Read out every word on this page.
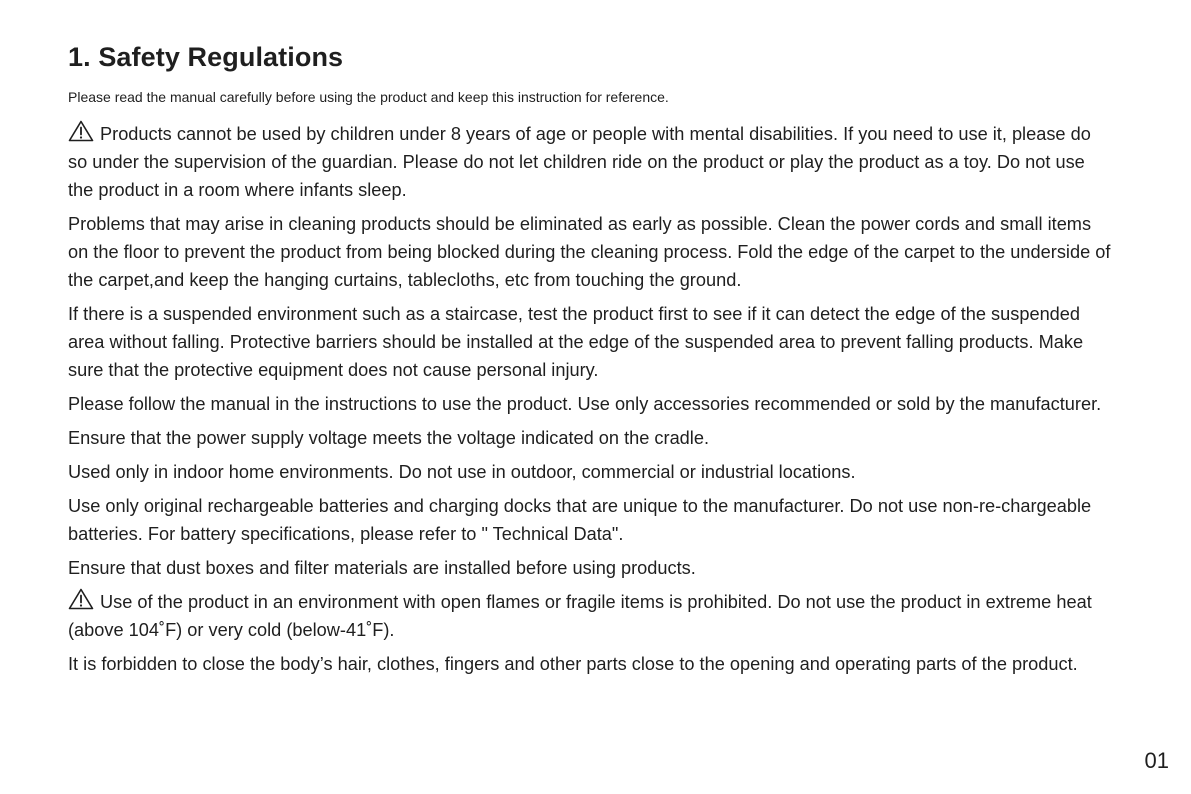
1. Safety Regulations

Please read the manual carefully before using the product and keep this instruction for reference.

Products cannot be used by children under 8 years of age or people with mental disabilities. If you need to use it, please do so under the supervision of the guardian. Please do not let children ride on the product or play the product as a toy. Do not use the product in a room where infants sleep.

Problems that may arise in cleaning products should be eliminated as early as possible. Clean the power cords and small items on the floor to prevent the product from being blocked during the cleaning process. Fold the edge of the carpet to the underside of the carpet,and keep the hanging curtains, tablecloths, etc from touching the ground.

If there is a suspended environment such as a staircase, test the product first to see if it can detect the edge of the suspended area without falling. Protective barriers should be installed at the edge of the suspended area to prevent falling products. Make sure that the protective equipment does not cause personal injury.

Please follow the manual in the instructions to use the product. Use only accessories recommended or sold by the manufacturer.

Ensure that the power supply voltage meets the voltage indicated on the cradle.

Used only in indoor home environments. Do not use in outdoor, commercial or industrial locations.

Use only original rechargeable batteries and charging docks that are unique to the manufacturer. Do not use non-re-chargeable batteries. For battery specifications, please refer to " Technical Data".

Ensure that dust boxes and filter materials are installed before using products.

Use of the product in an environment with open flames or fragile items is prohibited. Do not use the product in extreme heat (above 104˚F) or very cold (below-41˚F).

It is forbidden to close the body’s hair, clothes, fingers and other parts close to the opening and operating parts of the product.

01
